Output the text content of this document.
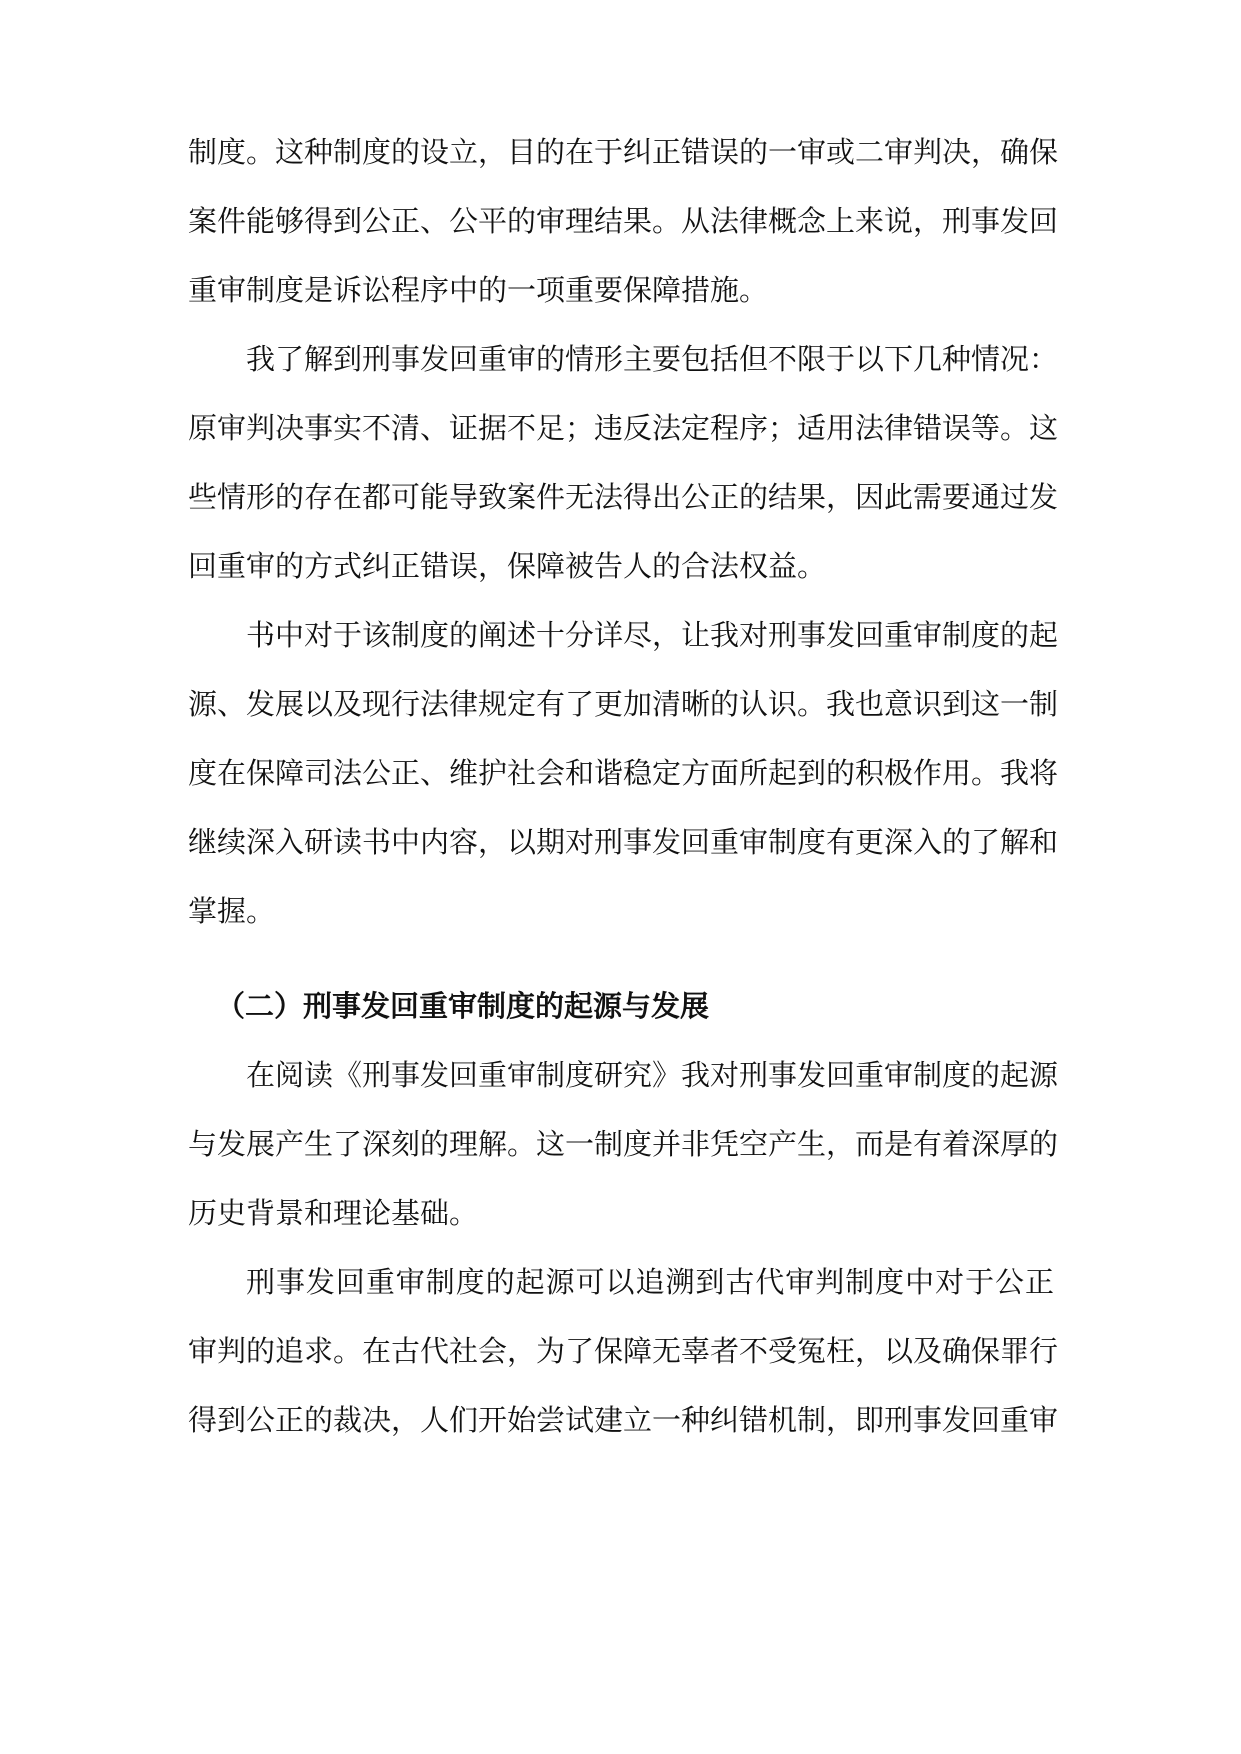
制度。这种制度的设立，目的在于纠正错误的一审或二审判决，确保
案件能够得到公正、公平的审理结果。从法律概念上来说，刑事发回
重审制度是诉讼程序中的一项重要保障措施。
我了解到刑事发回重审的情形主要包括但不限于以下几种情况：
原审判决事实不清、证据不足；违反法定程序；适用法律错误等。这
些情形的存在都可能导致案件无法得出公正的结果，因此需要通过发
回重审的方式纠正错误，保障被告人的合法权益。
书中对于该制度的阐述十分详尽，让我对刑事发回重审制度的起
源、发展以及现行法律规定有了更加清晰的认识。我也意识到这一制
度在保障司法公正、维护社会和谐稳定方面所起到的积极作用。我将
继续深入研读书中内容，以期对刑事发回重审制度有更深入的了解和
掌握。
（二）刑事发回重审制度的起源与发展
在阅读《刑事发回重审制度研究》我对刑事发回重审制度的起源
与发展产生了深刻的理解。这一制度并非凭空产生，而是有着深厚的
历史背景和理论基础。
刑事发回重审制度的起源可以追溯到古代审判制度中对于公正
审判的追求。在古代社会，为了保障无辜者不受冤枉，以及确保罪行
得到公正的裁决，人们开始尝试建立一种纠错机制，即刑事发回重审
